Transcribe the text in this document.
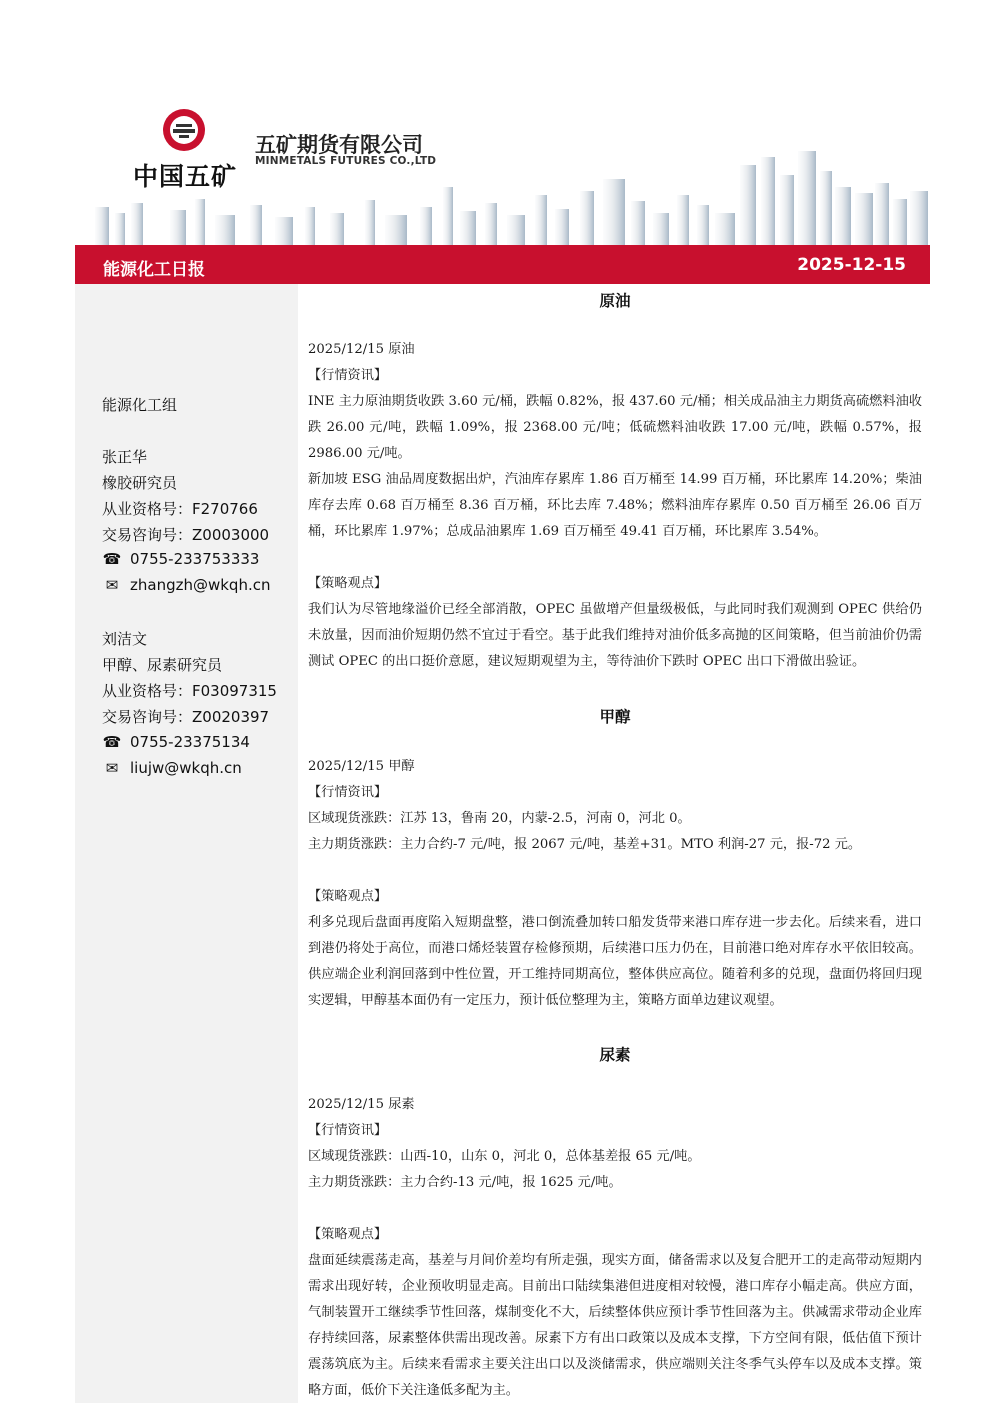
中国五矿
五矿期货有限公司
MINMETALS FUTURES CO.,LTD
能源化工日报	2025-12-15
能源化工组
张正华
橡胶研究员
从业资格号：F270766
交易咨询号：Z0003000
☎ 0755-233753333
✉ zhangzh@wkqh.cn
刘洁文
甲醇、尿素研究员
从业资格号：F03097315
交易咨询号：Z0020397
☎ 0755-23375134
✉ liujw@wkqh.cn
原油
2025/12/15 原油
【行情资讯】
INE 主力原油期货收跌 3.60 元/桶，跌幅 0.82%，报 437.60 元/桶；相关成品油主力期货高硫燃料油收跌 26.00 元/吨，跌幅 1.09%，报 2368.00 元/吨；低硫燃料油收跌 17.00 元/吨，跌幅 0.57%，报 2986.00 元/吨。
新加坡 ESG 油品周度数据出炉，汽油库存累库 1.86 百万桶至 14.99 百万桶，环比累库 14.20%；柴油库存去库 0.68 百万桶至 8.36 百万桶，环比去库 7.48%；燃料油库存累库 0.50 百万桶至 26.06 百万桶，环比累库 1.97%；总成品油累库 1.69 百万桶至 49.41 百万桶，环比累库 3.54%。
【策略观点】
我们认为尽管地缘溢价已经全部消散，OPEC 虽做增产但量级极低，与此同时我们观测到 OPEC 供给仍未放量，因而油价短期仍然不宜过于看空。基于此我们维持对油价低多高抛的区间策略，但当前油价仍需测试 OPEC 的出口挺价意愿，建议短期观望为主，等待油价下跌时 OPEC 出口下滑做出验证。
甲醇
2025/12/15 甲醇
【行情资讯】
区域现货涨跌：江苏 13，鲁南 20，内蒙-2.5，河南 0，河北 0。
主力期货涨跌：主力合约-7 元/吨，报 2067 元/吨，基差+31。MTO 利润-27 元，报-72 元。
【策略观点】
利多兑现后盘面再度陷入短期盘整，港口倒流叠加转口船发货带来港口库存进一步去化。后续来看，进口到港仍将处于高位，而港口烯烃装置存检修预期，后续港口压力仍在，目前港口绝对库存水平依旧较高。供应端企业利润回落到中性位置，开工维持同期高位，整体供应高位。随着利多的兑现，盘面仍将回归现实逻辑，甲醇基本面仍有一定压力，预计低位整理为主，策略方面单边建议观望。
尿素
2025/12/15 尿素
【行情资讯】
区域现货涨跌：山西-10，山东 0，河北 0，总体基差报 65 元/吨。
主力期货涨跌：主力合约-13 元/吨，报 1625 元/吨。
【策略观点】
盘面延续震荡走高，基差与月间价差均有所走强，现实方面，储备需求以及复合肥开工的走高带动短期内需求出现好转，企业预收明显走高。目前出口陆续集港但进度相对较慢，港口库存小幅走高。供应方面，气制装置开工继续季节性回落，煤制变化不大，后续整体供应预计季节性回落为主。供减需求带动企业库存持续回落，尿素整体供需出现改善。尿素下方有出口政策以及成本支撑，下方空间有限，低估值下预计震荡筑底为主。后续来看需求主要关注出口以及淡储需求，供应端则关注冬季气头停车以及成本支撑。策略方面，低价下关注逢低多配为主。
